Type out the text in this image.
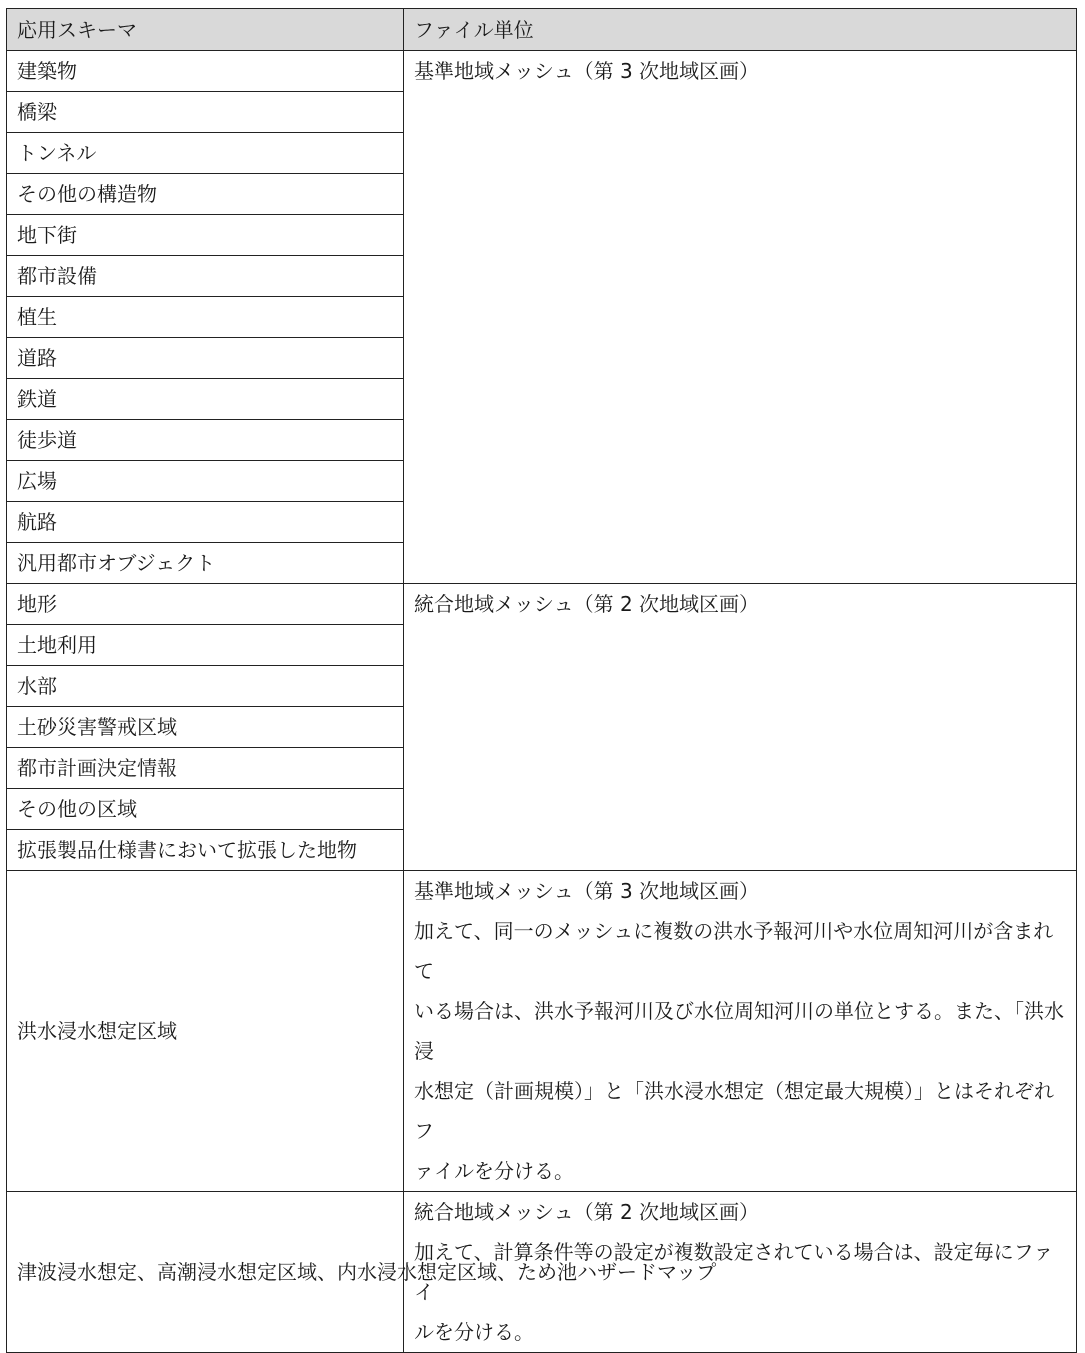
応用スキーマ	ファイル単位
建築物	基準地域メッシュ（第 3 次地域区画）

橋梁	
トンネル	
その他の構造物	
地下街	
都市設備	
植生	
道路	
鉄道	
徒歩道	
広場	
航路	
汎用都市オブジェクト	
地形	統合地域メッシュ（第 2 次地域区画）

土地利用	
水部	
土砂災害警戒区域	
都市計画決定情報	
その他の区域	
拡張製品仕様書において拡張した地物	
洪水浸水想定区域	基準地域メッシュ（第 3 次地域区画）
加えて、同一のメッシュに複数の洪水予報河川や水位周知河川が含まれて
いる場合は、洪水予報河川及び水位周知河川の単位とする。また、「洪水浸
水想定（計画規模）」と「洪水浸水想定（想定最大規模）」とはそれぞれフ
ァイルを分ける。

津波浸水想定、高潮浸水想定区域、内水浸水想定区域、ため池ハザードマップ	統合地域メッシュ（第 2 次地域区画）
加えて、計算条件等の設定が複数設定されている場合は、設定毎にファイ
ルを分ける。
